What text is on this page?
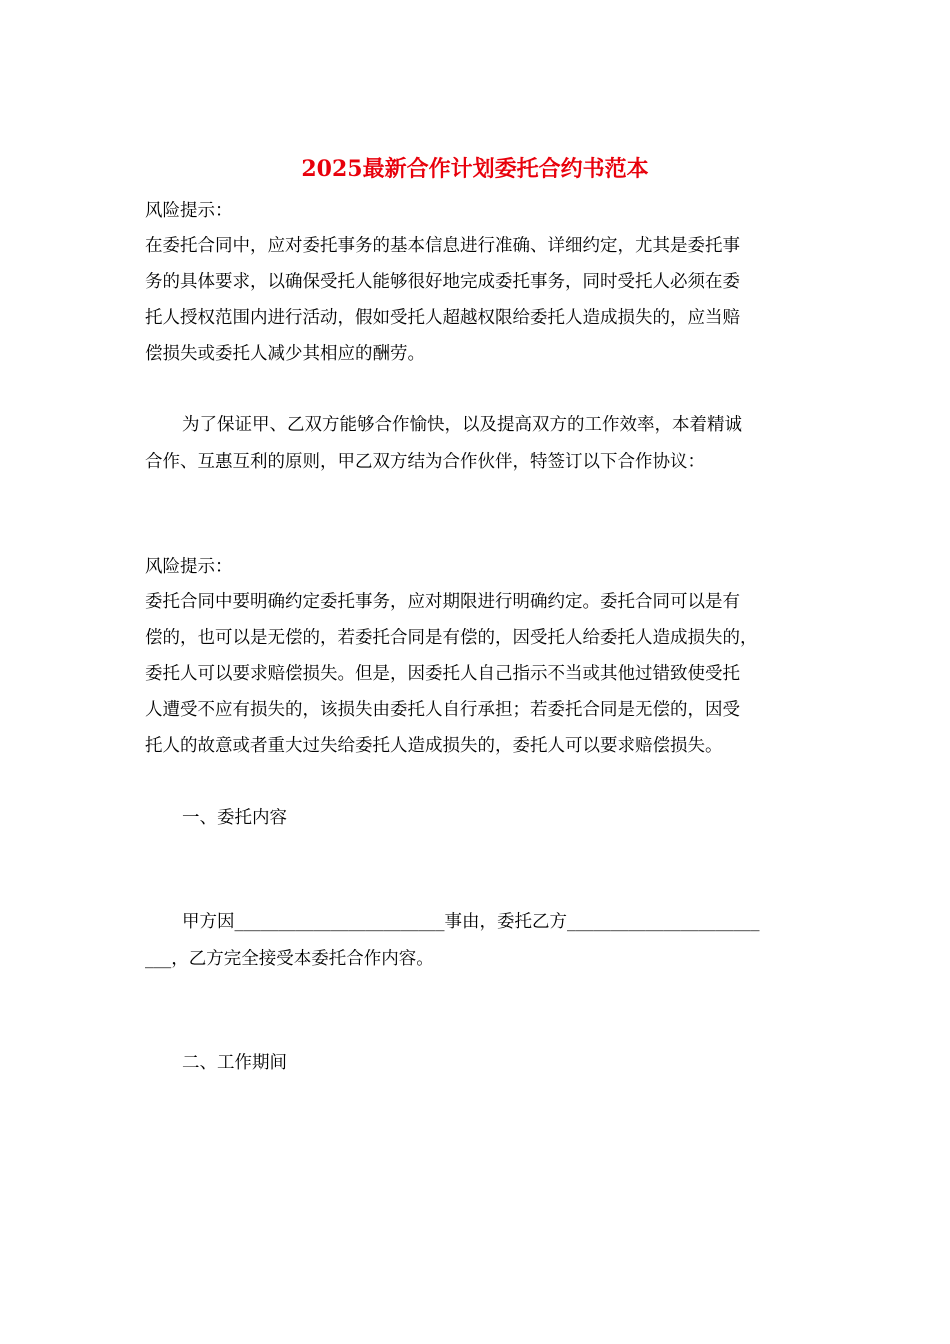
2025最新合作计划委托合约书范本
风险提示：
在委托合同中，应对委托事务的基本信息进行准确、详细约定，尤其是委托事
务的具体要求，以确保受托人能够很好地完成委托事务，同时受托人必须在委
托人授权范围内进行活动，假如受托人超越权限给委托人造成损失的，应当赔
偿损失或委托人减少其相应的酬劳。
为了保证甲、乙双方能够合作愉快，以及提高双方的工作效率，本着精诚
合作、互惠互利的原则，甲乙双方结为合作伙伴，特签订以下合作协议：
风险提示：
委托合同中要明确约定委托事务，应对期限进行明确约定。委托合同可以是有
偿的，也可以是无偿的，若委托合同是有偿的，因受托人给委托人造成损失的，
委托人可以要求赔偿损失。但是，因委托人自己指示不当或其他过错致使受托
人遭受不应有损失的，该损失由委托人自行承担；若委托合同是无偿的，因受
托人的故意或者重大过失给委托人造成损失的，委托人可以要求赔偿损失。
一、委托内容
甲方因________________________事由，委托乙方______________________
___，乙方完全接受本委托合作内容。
二、工作期间
